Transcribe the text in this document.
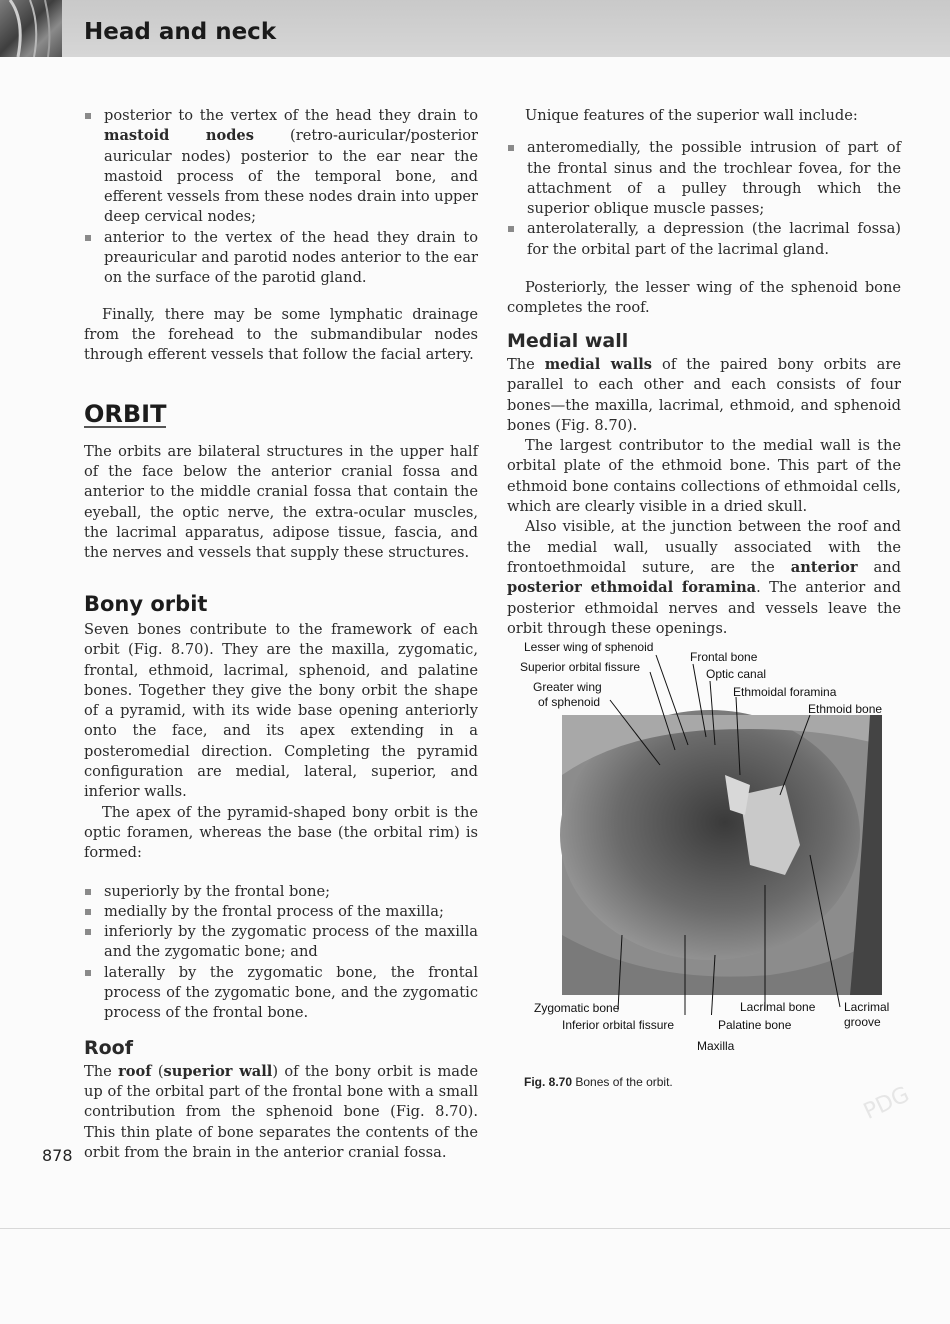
Head and neck
posterior to the vertex of the head they drain to mastoid nodes (retro-auricular/posterior auricular nodes) posterior to the ear near the mastoid process of the temporal bone, and efferent vessels from these nodes drain into upper deep cervical nodes;
anterior to the vertex of the head they drain to preauricular and parotid nodes anterior to the ear on the surface of the parotid gland.

Finally, there may be some lymphatic drainage from the forehead to the submandibular nodes through efferent vessels that follow the facial artery.

ORBIT

The orbits are bilateral structures in the upper half of the face below the anterior cranial fossa and anterior to the middle cranial fossa that contain the eyeball, the optic nerve, the extra-ocular muscles, the lacrimal apparatus, adipose tissue, fascia, and the nerves and vessels that supply these structures.

Bony orbit

Seven bones contribute to the framework of each orbit (Fig. 8.70). They are the maxilla, zygomatic, frontal, ethmoid, lacrimal, sphenoid, and palatine bones. Together they give the bony orbit the shape of a pyramid, with its wide base opening anteriorly onto the face, and its apex extending in a posteromedial direction. Completing the pyramid configuration are medial, lateral, superior, and inferior walls.

The apex of the pyramid-shaped bony orbit is the optic foramen, whereas the base (the orbital rim) is formed:

superiorly by the frontal bone;
medially by the frontal process of the maxilla;
inferiorly by the zygomatic process of the maxilla and the zygomatic bone; and
laterally by the zygomatic bone, the frontal process of the zygomatic bone, and the zygomatic process of the frontal bone.
Roof

The roof (superior wall) of the bony orbit is made up of the orbital part of the frontal bone with a small contribution from the sphenoid bone (Fig. 8.70). This thin plate of bone separates the contents of the orbit from the brain in the anterior cranial fossa.

Unique features of the superior wall include:

anteromedially, the possible intrusion of part of the frontal sinus and the trochlear fovea, for the attachment of a pulley through which the superior oblique muscle passes;
anterolaterally, a depression (the lacrimal fossa) for the orbital part of the lacrimal gland.

Posteriorly, the lesser wing of the sphenoid bone completes the roof.

Medial wall

The medial walls of the paired bony orbits are parallel to each other and each consists of four bones—the maxilla, lacrimal, ethmoid, and sphenoid bones (Fig. 8.70).

The largest contributor to the medial wall is the orbital plate of the ethmoid bone. This part of the ethmoid bone contains collections of ethmoidal cells, which are clearly visible in a dried skull.

Also visible, at the junction between the roof and the medial wall, usually associated with the frontoethmoidal suture, are the anterior and posterior ethmoidal foramina. The anterior and posterior ethmoidal nerves and vessels leave the orbit through these openings.

Lesser wing of sphenoid
Superior orbital fissure
Greater wing
of sphenoid
Frontal bone
Optic canal
Ethmoidal foramina
Ethmoid bone
Zygomatic bone
Inferior orbital fissure
Lacrimal bone Lacrimal
groove
Palatine bone
Maxilla
Fig. 8.70 Bones of the orbit.
PDG
878
